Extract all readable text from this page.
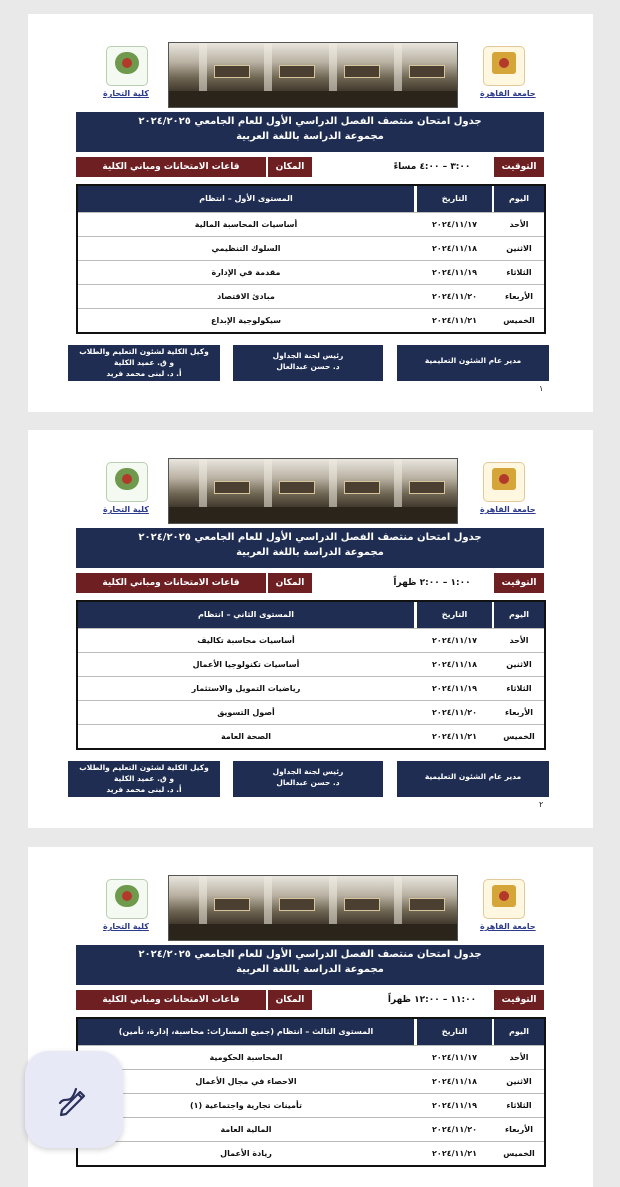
جامعة القاهرة
كلية التجارة
جدول امتحان منتصف الفصل الدراسي الأول للعام الجامعي ٢٠٢٤/٢٠٢٥
مجموعة الدراسة باللغة العربية
التوقيت
٣:٠٠ – ٤:٠٠ مساءً
المكان
قاعات الامتحانات ومباني الكلية
اليوم
التاريخ
المستوى الأول – انتظام
الأحد
٢٠٢٤/١١/١٧
أساسيات المحاسبة المالية
الاثنين
٢٠٢٤/١١/١٨
السلوك التنظيمي
الثلاثاء
٢٠٢٤/١١/١٩
مقدمة في الإدارة
الأربعاء
٢٠٢٤/١١/٢٠
مبادئ الاقتصاد
الخميس
٢٠٢٤/١١/٢١
سيكولوجية الإبداع
مدير عام الشئون التعليمية
رئيس لجنة الجداول
د. حسن عبدالعال
وكيل الكلية لشئون التعليم والطلاب
و ق. عميد الكلية
أ. د. لبنى محمد فريد
١
جامعة القاهرة
كلية التجارة
جدول امتحان منتصف الفصل الدراسي الأول للعام الجامعي ٢٠٢٤/٢٠٢٥
مجموعة الدراسة باللغة العربية
التوقيت
١:٠٠ – ٢:٠٠ ظهراً
المكان
قاعات الامتحانات ومباني الكلية
اليوم
التاريخ
المستوى الثاني – انتظام
الأحد
٢٠٢٤/١١/١٧
أساسيات محاسبة تكاليف
الاثنين
٢٠٢٤/١١/١٨
أساسيات تكنولوجيا الأعمال
الثلاثاء
٢٠٢٤/١١/١٩
رياضيات التمويل والاستثمار
الأربعاء
٢٠٢٤/١١/٢٠
أصول التسويق
الخميس
٢٠٢٤/١١/٢١
الصحة العامة
مدير عام الشئون التعليمية
رئيس لجنة الجداول
د. حسن عبدالعال
وكيل الكلية لشئون التعليم والطلاب
و ق. عميد الكلية
أ. د. لبنى محمد فريد
٢
جامعة القاهرة
كلية التجارة
جدول امتحان منتصف الفصل الدراسي الأول للعام الجامعي ٢٠٢٤/٢٠٢٥
مجموعة الدراسة باللغة العربية
التوقيت
١١:٠٠ – ١٢:٠٠ ظهراً
المكان
قاعات الامتحانات ومباني الكلية
اليوم
التاريخ
المستوى الثالث – انتظام (جميع المسارات: محاسبة، إدارة، تأمين)
الأحد
٢٠٢٤/١١/١٧
المحاسبة الحكومية
الاثنين
٢٠٢٤/١١/١٨
الاحصاء في مجال الأعمال
الثلاثاء
٢٠٢٤/١١/١٩
تأمينات تجارية واجتماعية (١)
الأربعاء
٢٠٢٤/١١/٢٠
المالية العامة
الخميس
٢٠٢٤/١١/٢١
ريادة الأعمال
